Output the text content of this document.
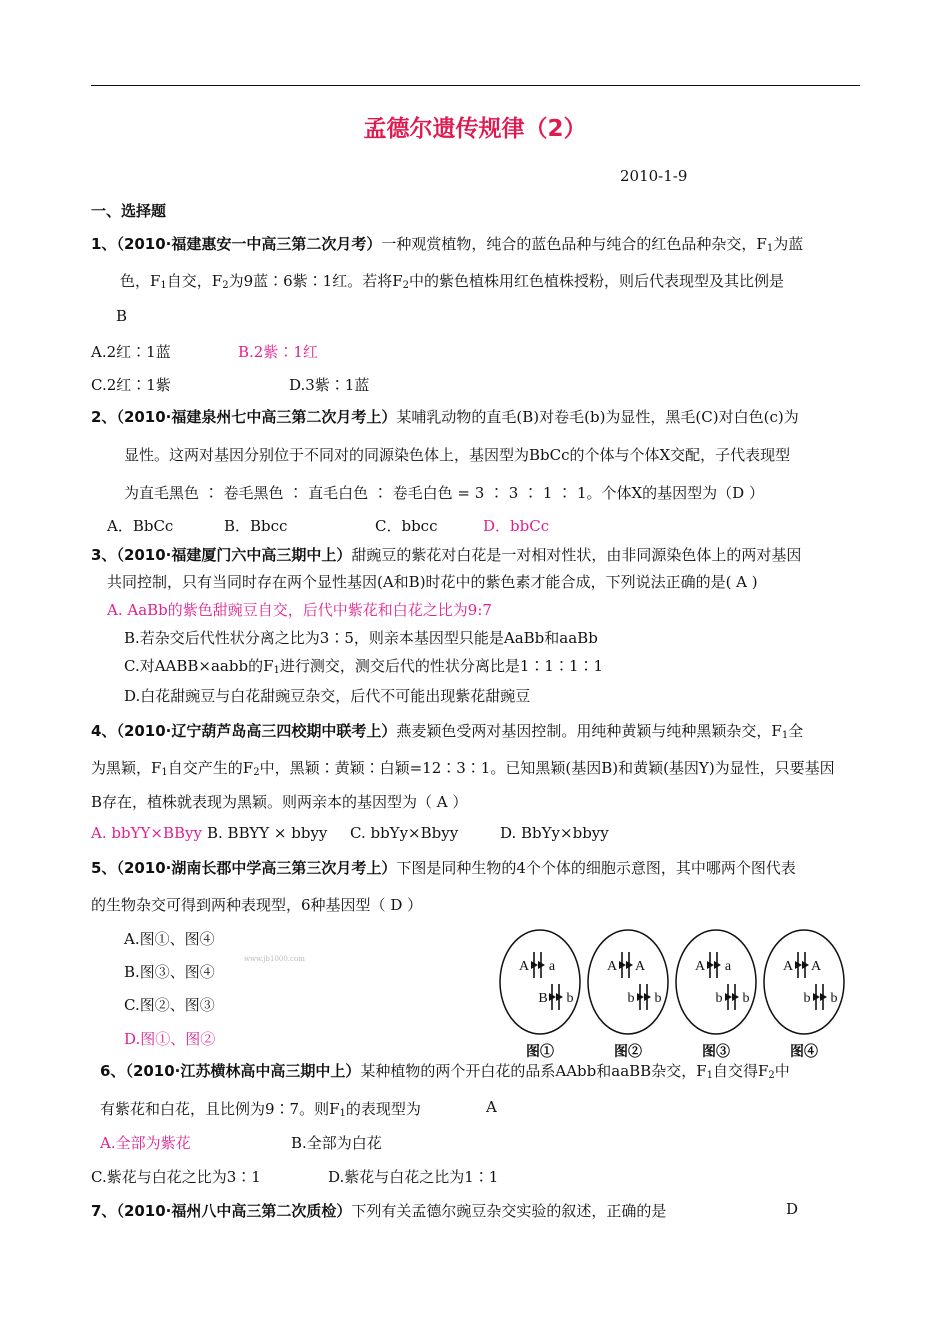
孟德尔遗传规律（2）
2010-1-9
一、选择题
1、（2010·福建惠安一中高三第二次月考）一种观赏植物，纯合的蓝色品种与纯合的红色品种杂交，$F_1$为蓝
色，$F_1$自交，$F_2$为9蓝∶6紫∶1红。若将$F_2$中的紫色植株用红色植株授粉，则后代表现型及其比例是
B
A.2红∶1蓝	B.2紫∶1红
C.2红∶1紫	D.3紫∶1蓝
2、（2010·福建泉州七中高三第二次月考上）某哺乳动物的直毛(B)对卷毛(b)为显性，黑毛(C)对白色(c)为
显性。这两对基因分别位于不同对的同源染色体上，基因型为BbCc的个体与个体X交配，子代表现型
为直毛黑色 ∶ 卷毛黑色 ∶ 直毛白色 ∶ 卷毛白色 = 3 ∶ 3 ∶ 1 ∶ 1。个体X的基因型为（D ）
A．BbCc	B．Bbcc	C．bbcc	D．bbCc
3、（2010·福建厦门六中高三期中上）甜豌豆的紫花对白花是一对相对性状，由非同源染色体上的两对基因
共同控制，只有当同时存在两个显性基因(A和B)时花中的紫色素才能合成，下列说法正确的是( A )
A. AaBb的紫色甜豌豆自交，后代中紫花和白花之比为9:7
B.若杂交后代性状分离之比为3∶5，则亲本基因型只能是AaBb和aaBb
C.对AABB×aabb的$F_1$进行测交，测交后代的性状分离比是1∶1∶1∶1
D.白花甜豌豆与白花甜豌豆杂交，后代不可能出现紫花甜豌豆
4、（2010·辽宁葫芦岛高三四校期中联考上）燕麦颖色受两对基因控制。用纯种黄颖与纯种黑颖杂交，$F_1$全
为黑颖，$F_1$自交产生的$F_2$中，黑颖∶黄颖∶白颖=12∶3∶1。已知黑颖(基因B)和黄颖(基因Y)为显性，只要基因
B存在，植株就表现为黑颖。则两亲本的基因型为（ A ）
A. bbYY×BByy B. BBYY × bbyy C. bbYy×Bbyy	D. BbYy×bbyy
5、（2010·湖南长郡中学高三第三次月考上）下图是同种生物的4个个体的细胞示意图，其中哪两个图代表
的生物杂交可得到两种表现型，6种基因型（ D ）
A.图①、图④
B.图③、图④
C.图②、图③
D.图①、图②
www.jb1000.com	A a
B b
图①
A A
b b
图②
A a
b b
图③
A A
b b
图④
6、（2010·江苏横林高中高三期中上）某种植物的两个开白花的品系AAbb和aaBB杂交，$F_1$自交得$F_2$中
有紫花和白花，且比例为9∶7。则$F_1$的表现型为	A
A.全部为紫花	B.全部为白花
C.紫花与白花之比为3∶1	D.紫花与白花之比为1∶1
7、（2010·福州八中高三第二次质检）下列有关孟德尔豌豆杂交实验的叙述，正确的是	D
